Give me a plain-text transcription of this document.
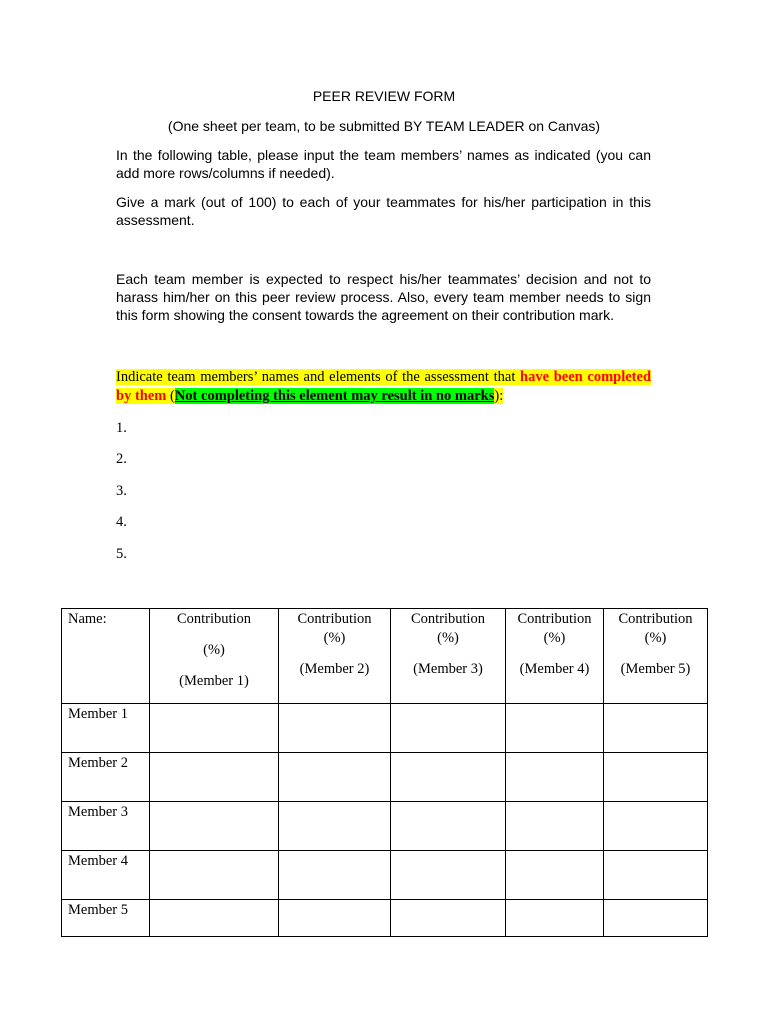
PEER REVIEW FORM
(One sheet per team, to be submitted BY TEAM LEADER on Canvas)
In the following table, please input the team members’ names as indicated (you can add more rows/columns if needed).
Give a mark (out of 100) to each of your teammates for his/her participation in this assessment.
Each team member is expected to respect his/her teammates’ decision and not to harass him/her on this peer review process. Also, every team member needs to sign this form showing the consent towards the agreement on their contribution mark.
Indicate team members’ names and elements of the assessment that have been completed by them (Not completing this element may result in no marks):
1.
2.
3.
4.
5.
Name:	Contribution
(%)
(Member 1)	Contribution
(%)
(Member 2)	Contribution
(%)
(Member 3)	Contribution
(%)
(Member 4)	Contribution
(%)
(Member 5)

Member 1					
Member 2					
Member 3					
Member 4					
Member 5					
